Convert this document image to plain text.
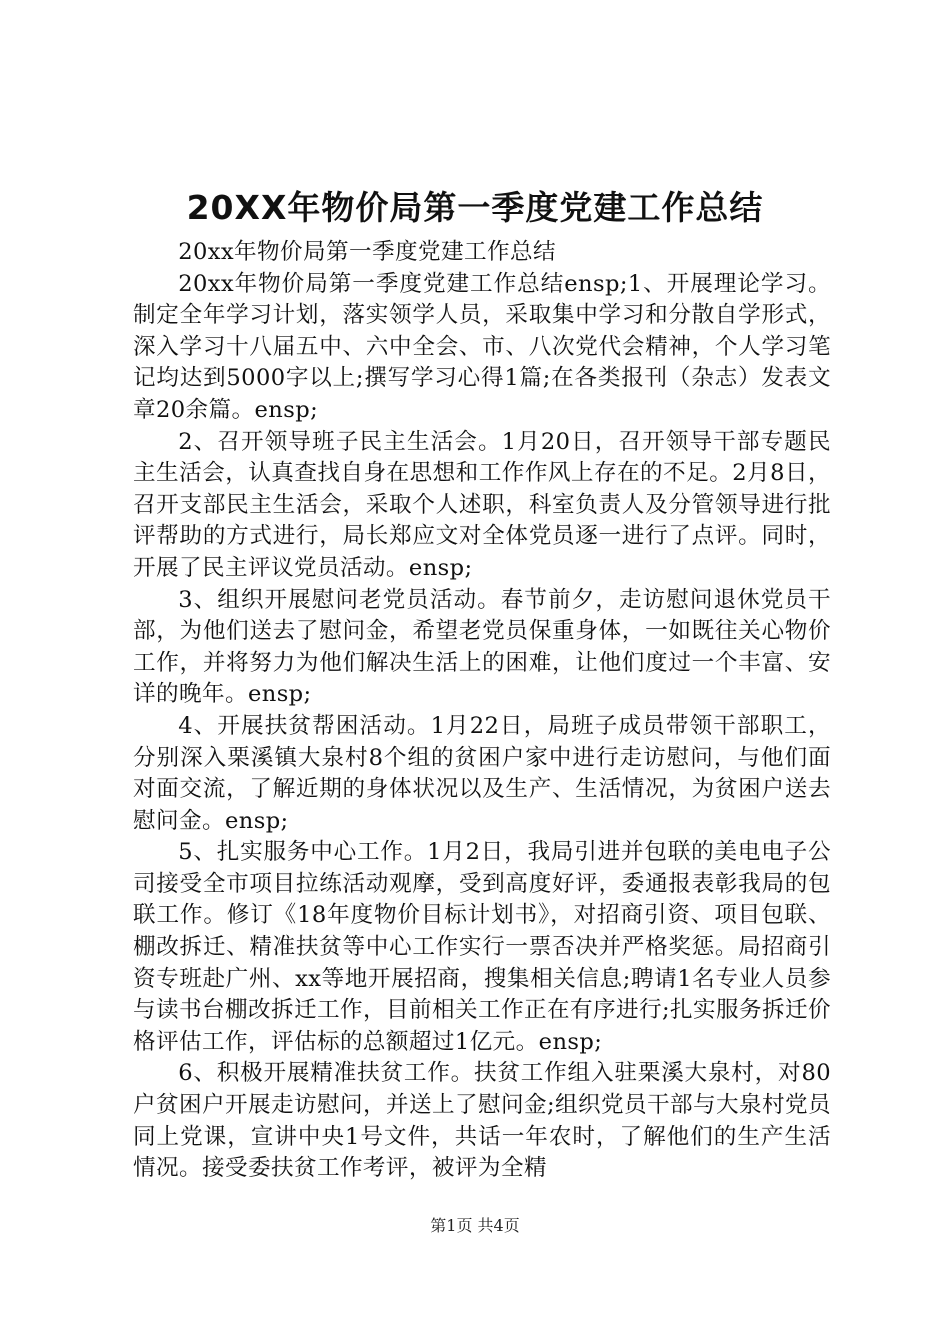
20XX年物价局第一季度党建工作总结

20xx年物价局第一季度党建工作总结

20xx年物价局第一季度党建工作总结ensp;1、开展理论学习。制定全年学习计划，落实领学人员，采取集中学习和分散自学形式，深入学习十八届五中、六中全会、市、八次党代会精神，个人学习笔记均达到5000字以上;撰写学习心得1篇;在各类报刊（杂志）发表文章20余篇。ensp;

2、召开领导班子民主生活会。1月20日，召开领导干部专题民主生活会，认真查找自身在思想和工作作风上存在的不足。2月8日，召开支部民主生活会，采取个人述职，科室负责人及分管领导进行批评帮助的方式进行，局长郑应文对全体党员逐一进行了点评。同时，开展了民主评议党员活动。ensp;

3、组织开展慰问老党员活动。春节前夕，走访慰问退休党员干部，为他们送去了慰问金，希望老党员保重身体，一如既往关心物价工作，并将努力为他们解决生活上的困难，让他们度过一个丰富、安详的晚年。ensp;

4、开展扶贫帮困活动。1月22日，局班子成员带领干部职工，分别深入栗溪镇大泉村8个组的贫困户家中进行走访慰问，与他们面对面交流，了解近期的身体状况以及生产、生活情况，为贫困户送去慰问金。ensp;

5、扎实服务中心工作。1月2日，我局引进并包联的美电电子公司接受全市项目拉练活动观摩，受到高度好评，委通报表彰我局的包联工作。修订《18年度物价目标计划书》，对招商引资、项目包联、棚改拆迁、精准扶贫等中心工作实行一票否决并严格奖惩。局招商引资专班赴广州、xx等地开展招商，搜集相关信息;聘请1名专业人员参与读书台棚改拆迁工作，目前相关工作正在有序进行;扎实服务拆迁价格评估工作，评估标的总额超过1亿元。ensp;

6、积极开展精准扶贫工作。扶贫工作组入驻栗溪大泉村，对80户贫困户开展走访慰问，并送上了慰问金;组织党员干部与大泉村党员同上党课，宣讲中央1号文件，共话一年农时，了解他们的生产生活情况。接受委扶贫工作考评，被评为全精

第1页 共4页
